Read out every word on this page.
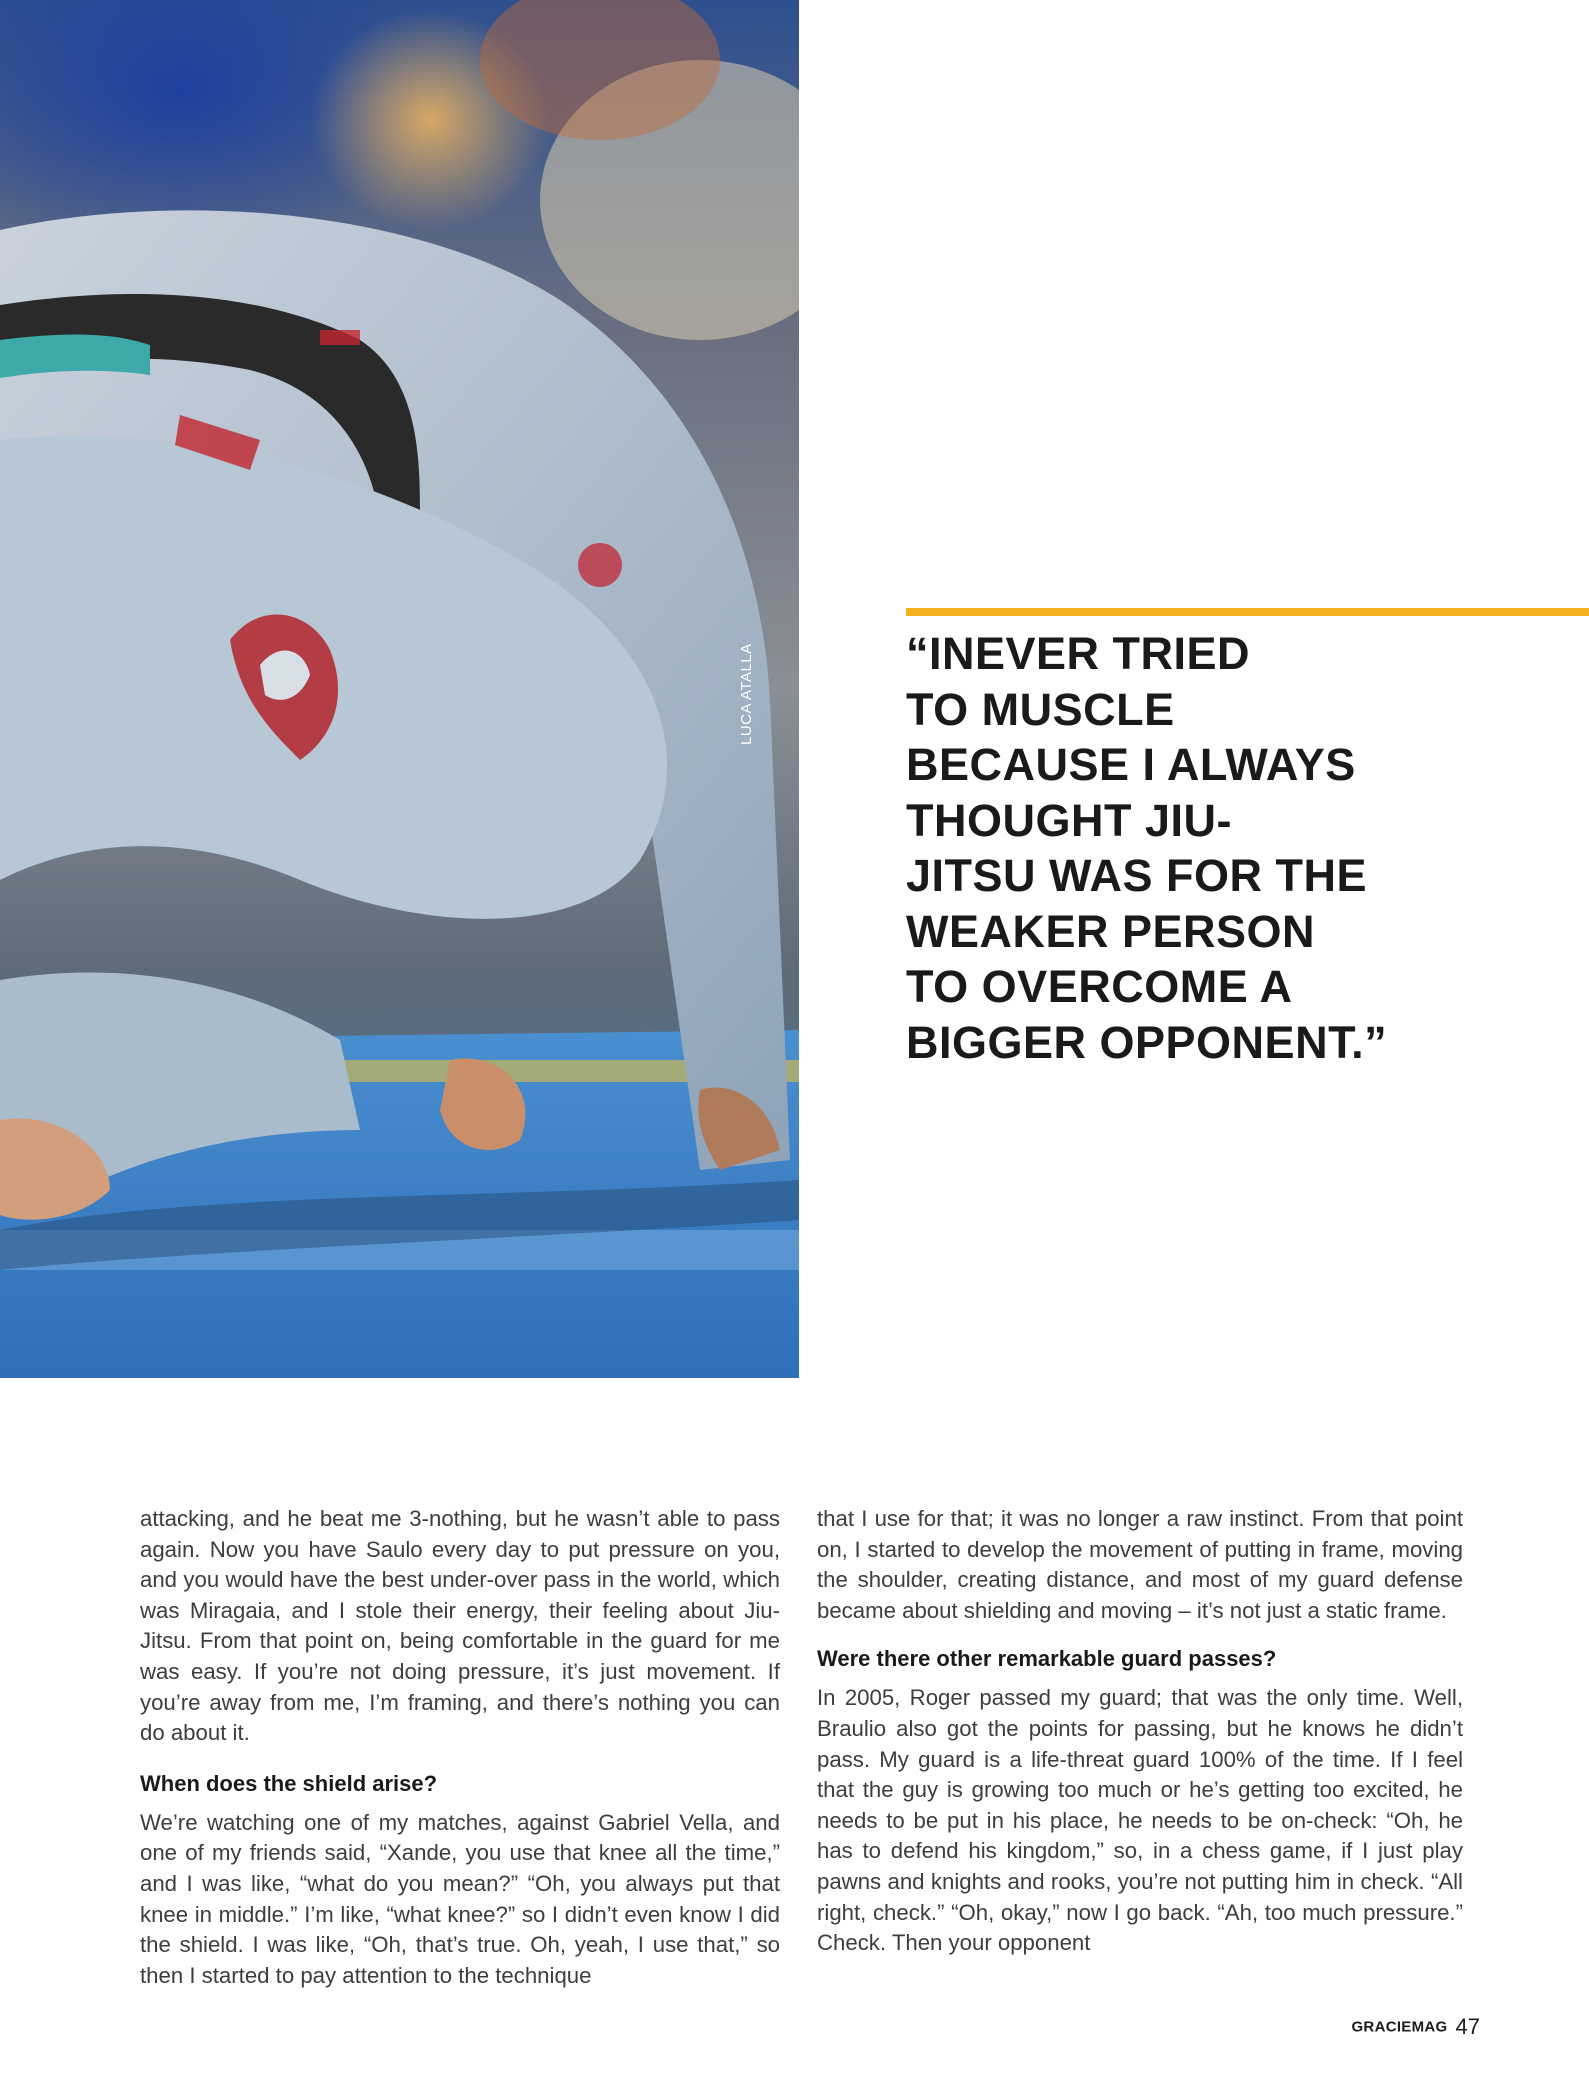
LUCA ATALLA	“INEVER TRIED
TO MUSCLE
BECAUSE I ALWAYS
THOUGHT JIU-
JITSU WAS FOR THE
WEAKER PERSON
TO OVERCOME A
BIGGER OPPONENT.”

attacking, and he beat me 3-nothing, but he wasn’t able to pass again. Now you have Saulo every day to put pressure on you, and you would have the best under-over pass in the world, which was Miragaia, and I stole their energy, their feeling about Jiu-Jitsu. From that point on, being comfortable in the guard for me was easy. If you’re not doing pressure, it’s just movement. If you’re away from me, I’m framing, and there’s nothing you can do about it.

When does the shield arise?

We’re watching one of my matches, against Gabriel Vella, and one of my friends said, “Xande, you use that knee all the time,” and I was like, “what do you mean?” “Oh, you always put that knee in middle.” I’m like, “what knee?” so I didn’t even know I did the shield. I was like, “Oh, that’s true. Oh, yeah, I use that,” so then I started to pay attention to the technique

that I use for that; it was no longer a raw instinct. From that point on, I started to develop the movement of putting in frame, moving the shoulder, creating distance, and most of my guard defense became about shielding and moving – it’s not just a static frame.

Were there other remarkable guard passes?

In 2005, Roger passed my guard; that was the only time. Well, Braulio also got the points for passing, but he knows he didn’t pass. My guard is a life-threat guard 100% of the time. If I feel that the guy is growing too much or he’s getting too excited, he needs to be put in his place, he needs to be on-check: “Oh, he has to defend his kingdom,” so, in a chess game, if I just play pawns and knights and rooks, you’re not putting him in check. “All right, check.” “Oh, okay,” now I go back. “Ah, too much pressure.” Check. Then your opponent

GRACIEMAG 47
